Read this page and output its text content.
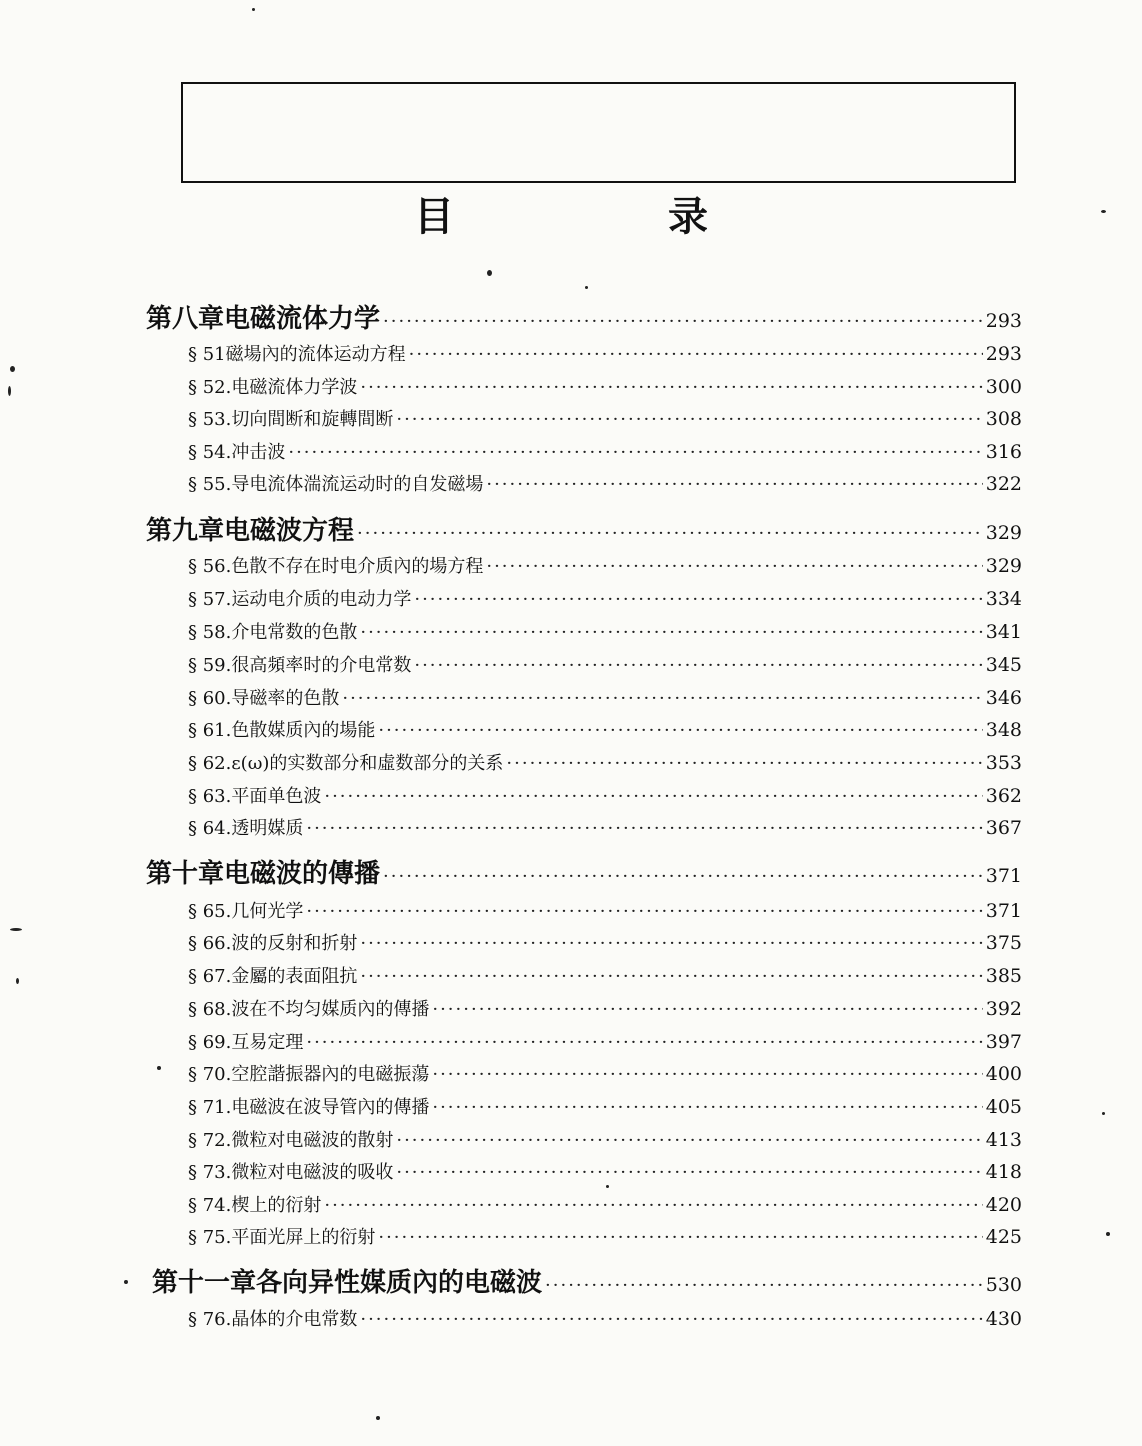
目 录
第八章 电磁流体力学 ·····	293
§ 51 磁場內的流体运动方程 ·····	293
§ 52. 电磁流体力学波 ·····	300
§ 53. 切向間断和旋轉間断 ·····	308
§ 54. 冲击波 ·····	316
§ 55. 导电流体湍流运动时的自发磁場 ·····	322
第九章 电磁波方程 ·····	329
§ 56. 色散不存在时电介质內的場方程 ·····	329
§ 57. 运动电介质的电动力学 ·····	334
§ 58. 介电常数的色散 ·····	341
§ 59. 很高頻率时的介电常数 ·····	345
§ 60. 导磁率的色散 ·····	346
§ 61. 色散媒质內的場能 ·····	348
§ 62. ε(ω)的实数部分和虛数部分的关系 ·····	353
§ 63. 平面单色波 ·····	362
§ 64. 透明媒质 ·····	367
第十章 电磁波的傳播 ·····	371
§ 65. 几何光学 ·····	371
§ 66. 波的反射和折射 ·····	375
§ 67. 金屬的表面阻抗 ·····	385
§ 68. 波在不均匀媒质內的傳播 ·····	392
§ 69. 互易定理 ·····	397
§ 70. 空腔諧振器內的电磁振蕩 ·····	400
§ 71. 电磁波在波导管內的傳播 ·····	405
§ 72. 微粒对电磁波的散射 ·····	413
§ 73. 微粒对电磁波的吸收 ·····	418
§ 74. 楔上的衍射 ·····	420
§ 75. 平面光屏上的衍射 ·····	425
第十一章 各向异性媒质內的电磁波 ·····	530
§ 76. 晶体的介电常数 ·····	430
